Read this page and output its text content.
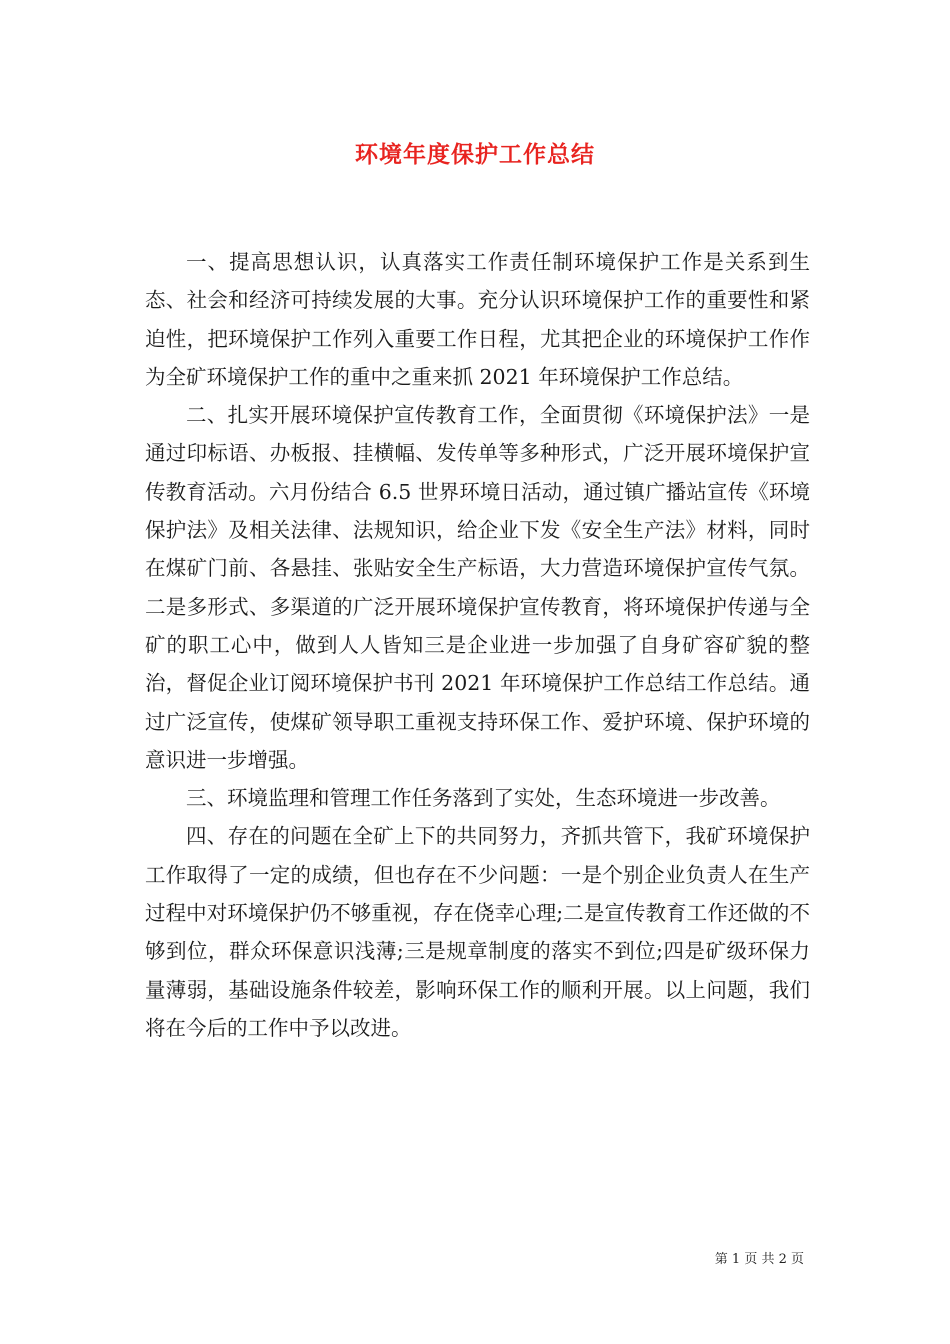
环境年度保护工作总结

一、提高思想认识，认真落实工作责任制环境保护工作是关系到生态、社会和经济可持续发展的大事。充分认识环境保护工作的重要性和紧迫性，把环境保护工作列入重要工作日程，尤其把企业的环境保护工作作为全矿环境保护工作的重中之重来抓 2021 年环境保护工作总结。

二、扎实开展环境保护宣传教育工作，全面贯彻《环境保护法》一是通过印标语、办板报、挂横幅、发传单等多种形式，广泛开展环境保护宣传教育活动。六月份结合 6.5 世界环境日活动，通过镇广播站宣传《环境保护法》及相关法律、法规知识，给企业下发《安全生产法》材料，同时在煤矿门前、各悬挂、张贴安全生产标语，大力营造环境保护宣传气氛。二是多形式、多渠道的广泛开展环境保护宣传教育，将环境保护传递与全矿的职工心中，做到人人皆知三是企业进一步加强了自身矿容矿貌的整治，督促企业订阅环境保护书刊 2021 年环境保护工作总结工作总结。通过广泛宣传，使煤矿领导职工重视支持环保工作、爱护环境、保护环境的意识进一步增强。

三、环境监理和管理工作任务落到了实处，生态环境进一步改善。

四、存在的问题在全矿上下的共同努力，齐抓共管下，我矿环境保护工作取得了一定的成绩，但也存在不少问题：一是个别企业负责人在生产过程中对环境保护仍不够重视，存在侥幸心理;二是宣传教育工作还做的不够到位，群众环保意识浅薄;三是规章制度的落实不到位;四是矿级环保力量薄弱，基础设施条件较差，影响环保工作的顺利开展。以上问题，我们将在今后的工作中予以改进。

第 1 页 共 2 页
